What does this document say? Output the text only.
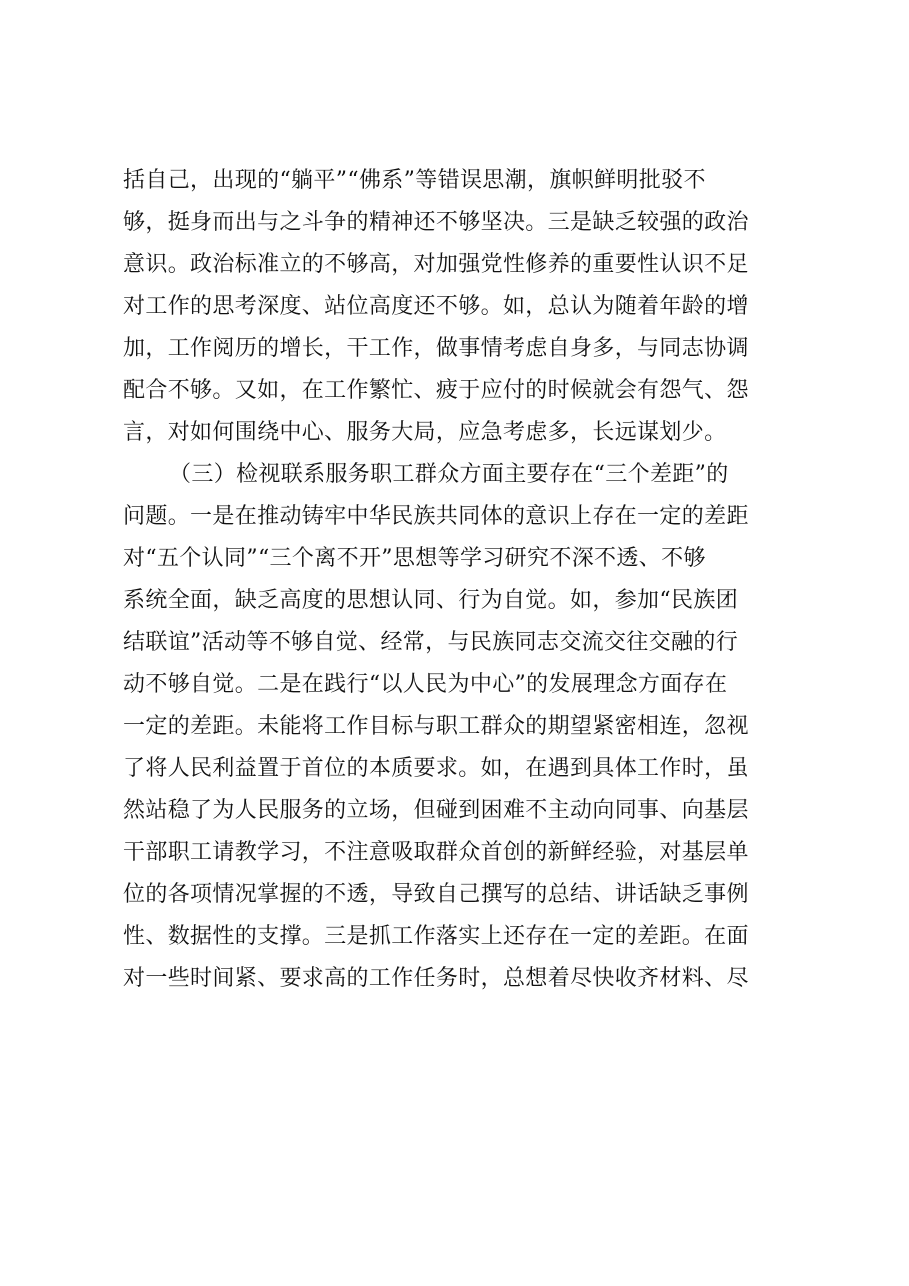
括自己，出现的“躺平”“佛系”等错误思潮，旗帜鲜明批驳不
够，挺身而出与之斗争的精神还不够坚决。三是缺乏较强的政治
意识。政治标准立的不够高，对加强党性修养的重要性认识不足
对工作的思考深度、站位高度还不够。如，总认为随着年龄的增
加，工作阅历的增长，干工作，做事情考虑自身多，与同志协调
配合不够。又如，在工作繁忙、疲于应付的时候就会有怨气、怨
言，对如何围绕中心、服务大局，应急考虑多，长远谋划少。
（三）检视联系服务职工群众方面主要存在“三个差距”的
问题。一是在推动铸牢中华民族共同体的意识上存在一定的差距
对“五个认同”“三个离不开”思想等学习研究不深不透、不够
系统全面，缺乏高度的思想认同、行为自觉。如，参加“民族团
结联谊”活动等不够自觉、经常，与民族同志交流交往交融的行
动不够自觉。二是在践行“以人民为中心”的发展理念方面存在
一定的差距。未能将工作目标与职工群众的期望紧密相连，忽视
了将人民利益置于首位的本质要求。如，在遇到具体工作时，虽
然站稳了为人民服务的立场，但碰到困难不主动向同事、向基层
干部职工请教学习，不注意吸取群众首创的新鲜经验，对基层单
位的各项情况掌握的不透，导致自己撰写的总结、讲话缺乏事例
性、数据性的支撑。三是抓工作落实上还存在一定的差距。在面
对一些时间紧、要求高的工作任务时，总想着尽快收齐材料、尽
